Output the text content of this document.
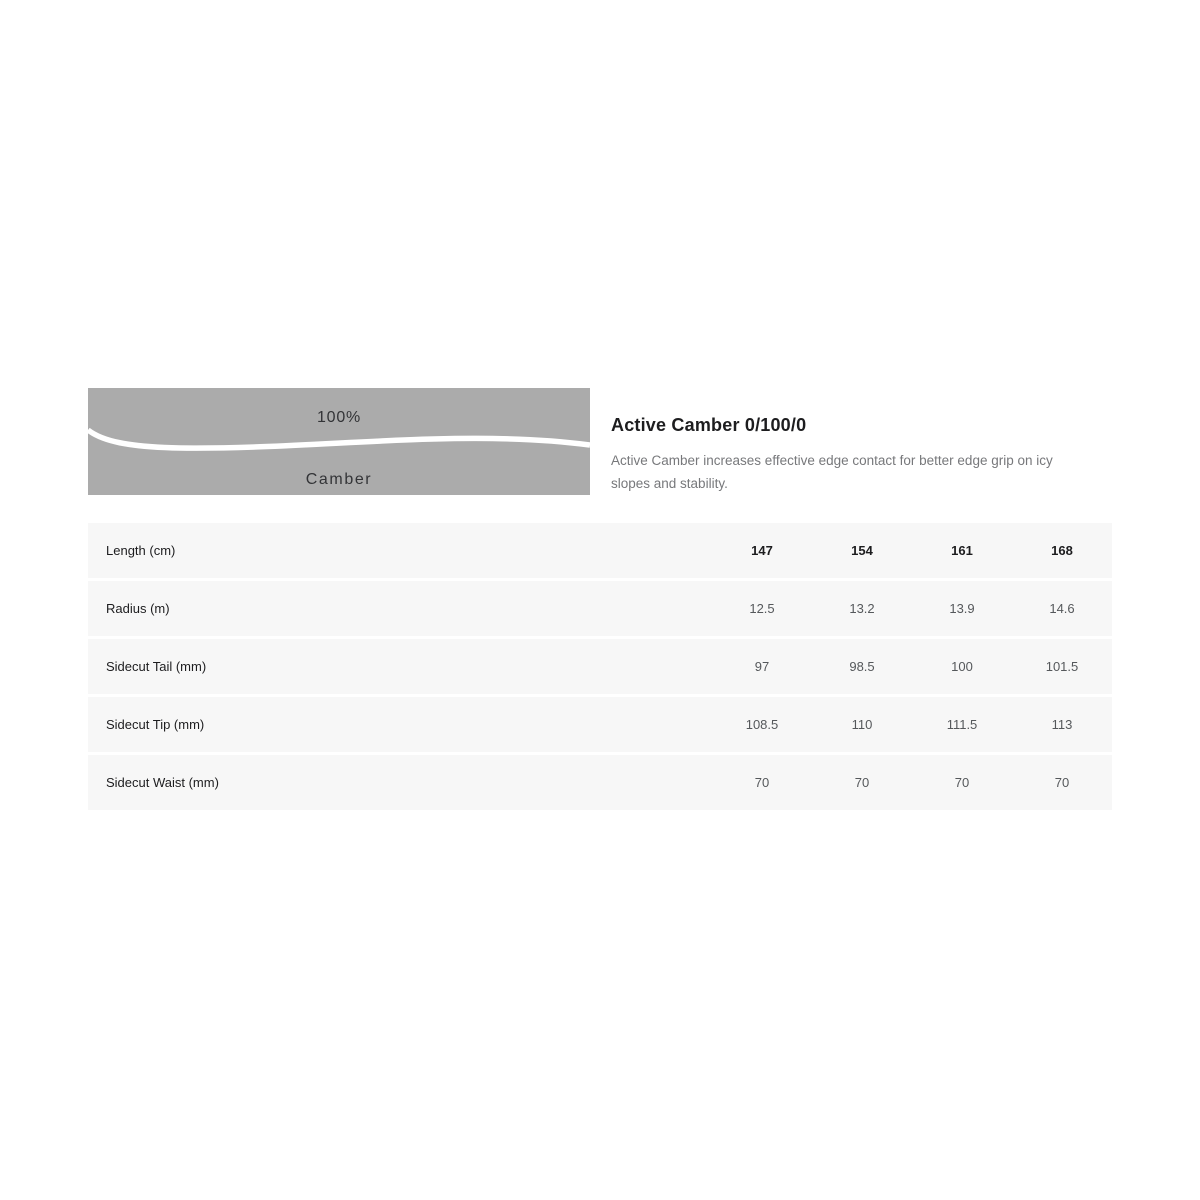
100%
Camber
Active Camber 0/100/0
Active Camber increases effective edge contact for better edge grip on icy slopes and stability.
Length (cm)	147	154	161	168
Radius (m)	12.5	13.2	13.9	14.6
Sidecut Tail (mm)	97	98.5	100	101.5
Sidecut Tip (mm)	108.5	110	111.5	113
Sidecut Waist (mm)	70	70	70	70
